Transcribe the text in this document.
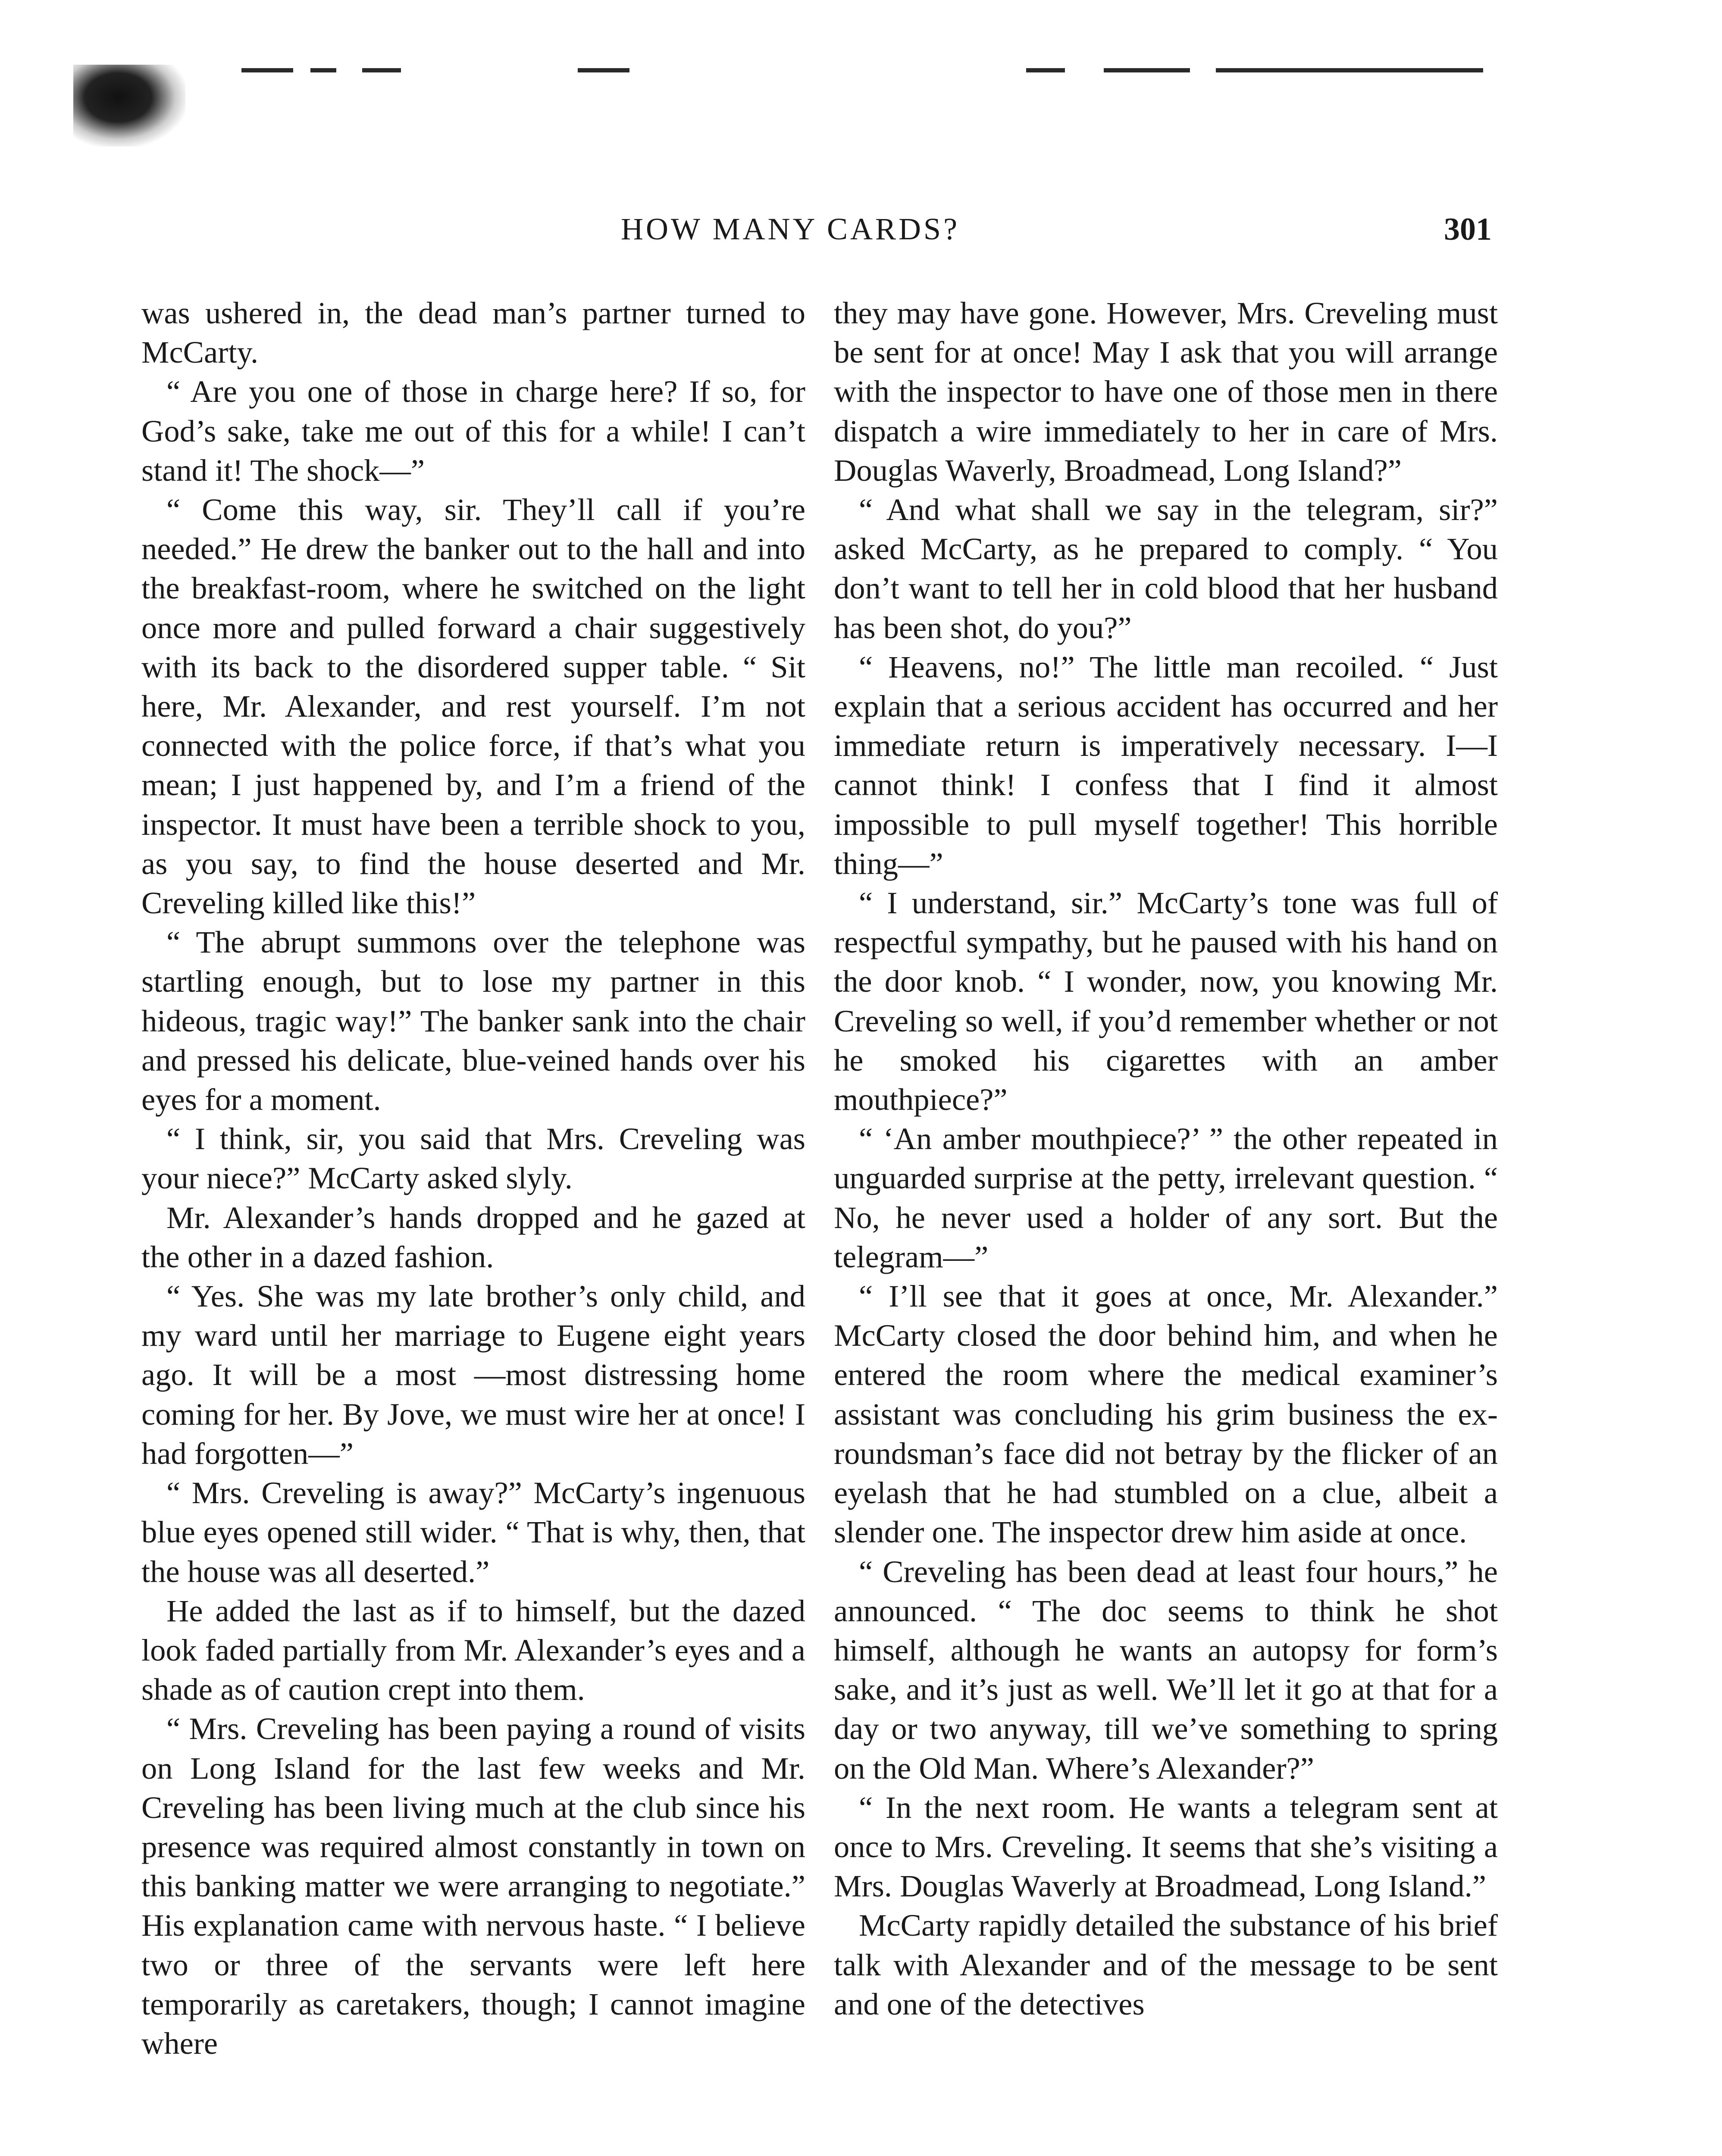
HOW MANY CARDS?	301

was ushered in, the dead man’s partner turned to McCarty.

“ Are you one of those in charge here? If so, for God’s sake, take me out of this for a while! I can’t stand it! The shock—”

“ Come this way, sir. They’ll call if you’re needed.” He drew the banker out to the hall and into the breakfast-room, where he switched on the light once more and pulled forward a chair suggestively with its back to the disordered supper table. “ Sit here, Mr. Alexander, and rest yourself. I’m not connected with the police force, if that’s what you mean; I just happened by, and I’m a friend of the inspector. It must have been a terrible shock to you, as you say, to find the house deserted and Mr. Creveling killed like this!”

“ The abrupt summons over the telephone was startling enough, but to lose my partner in this hideous, tragic way!” The banker sank into the chair and pressed his delicate, blue-veined hands over his eyes for a moment.

“ I think, sir, you said that Mrs. Creveling was your niece?” McCarty asked slyly.

Mr. Alexander’s hands dropped and he gazed at the other in a dazed fashion.

“ Yes. She was my late brother’s only child, and my ward until her marriage to Eugene eight years ago. It will be a most —most distressing home coming for her. By Jove, we must wire her at once! I had forgotten—”

“ Mrs. Creveling is away?” McCarty’s ingenuous blue eyes opened still wider. “ That is why, then, that the house was all deserted.”

He added the last as if to himself, but the dazed look faded partially from Mr. Alexander’s eyes and a shade as of caution crept into them.

“ Mrs. Creveling has been paying a round of visits on Long Island for the last few weeks and Mr. Creveling has been living much at the club since his presence was required almost constantly in town on this banking matter we were arranging to negotiate.” His explanation came with nervous haste. “ I believe two or three of the servants were left here temporarily as caretakers, though; I cannot imagine where

they may have gone. However, Mrs. Creveling must be sent for at once! May I ask that you will arrange with the inspector to have one of those men in there dispatch a wire immediately to her in care of Mrs. Douglas Waverly, Broadmead, Long Island?”

“ And what shall we say in the telegram, sir?” asked McCarty, as he prepared to comply. “ You don’t want to tell her in cold blood that her husband has been shot, do you?”

“ Heavens, no!” The little man recoiled. “ Just explain that a serious accident has occurred and her immediate return is imperatively necessary. I—I cannot think! I confess that I find it almost impossible to pull myself together! This horrible thing—”

“ I understand, sir.” McCarty’s tone was full of respectful sympathy, but he paused with his hand on the door knob. “ I wonder, now, you knowing Mr. Creveling so well, if you’d remember whether or not he smoked his cigarettes with an amber mouthpiece?”

“ ‘An amber mouthpiece?’ ” the other repeated in unguarded surprise at the petty, irrelevant question. “ No, he never used a holder of any sort. But the telegram—”

“ I’ll see that it goes at once, Mr. Alexander.” McCarty closed the door behind him, and when he entered the room where the medical examiner’s assistant was concluding his grim business the ex-roundsman’s face did not betray by the flicker of an eyelash that he had stumbled on a clue, albeit a slender one. The inspector drew him aside at once.

“ Creveling has been dead at least four hours,” he announced. “ The doc seems to think he shot himself, although he wants an autopsy for form’s sake, and it’s just as well. We’ll let it go at that for a day or two anyway, till we’ve something to spring on the Old Man. Where’s Alexander?”

“ In the next room. He wants a telegram sent at once to Mrs. Creveling. It seems that she’s visiting a Mrs. Douglas Waverly at Broadmead, Long Island.”

McCarty rapidly detailed the substance of his brief talk with Alexander and of the message to be sent and one of the detectives
